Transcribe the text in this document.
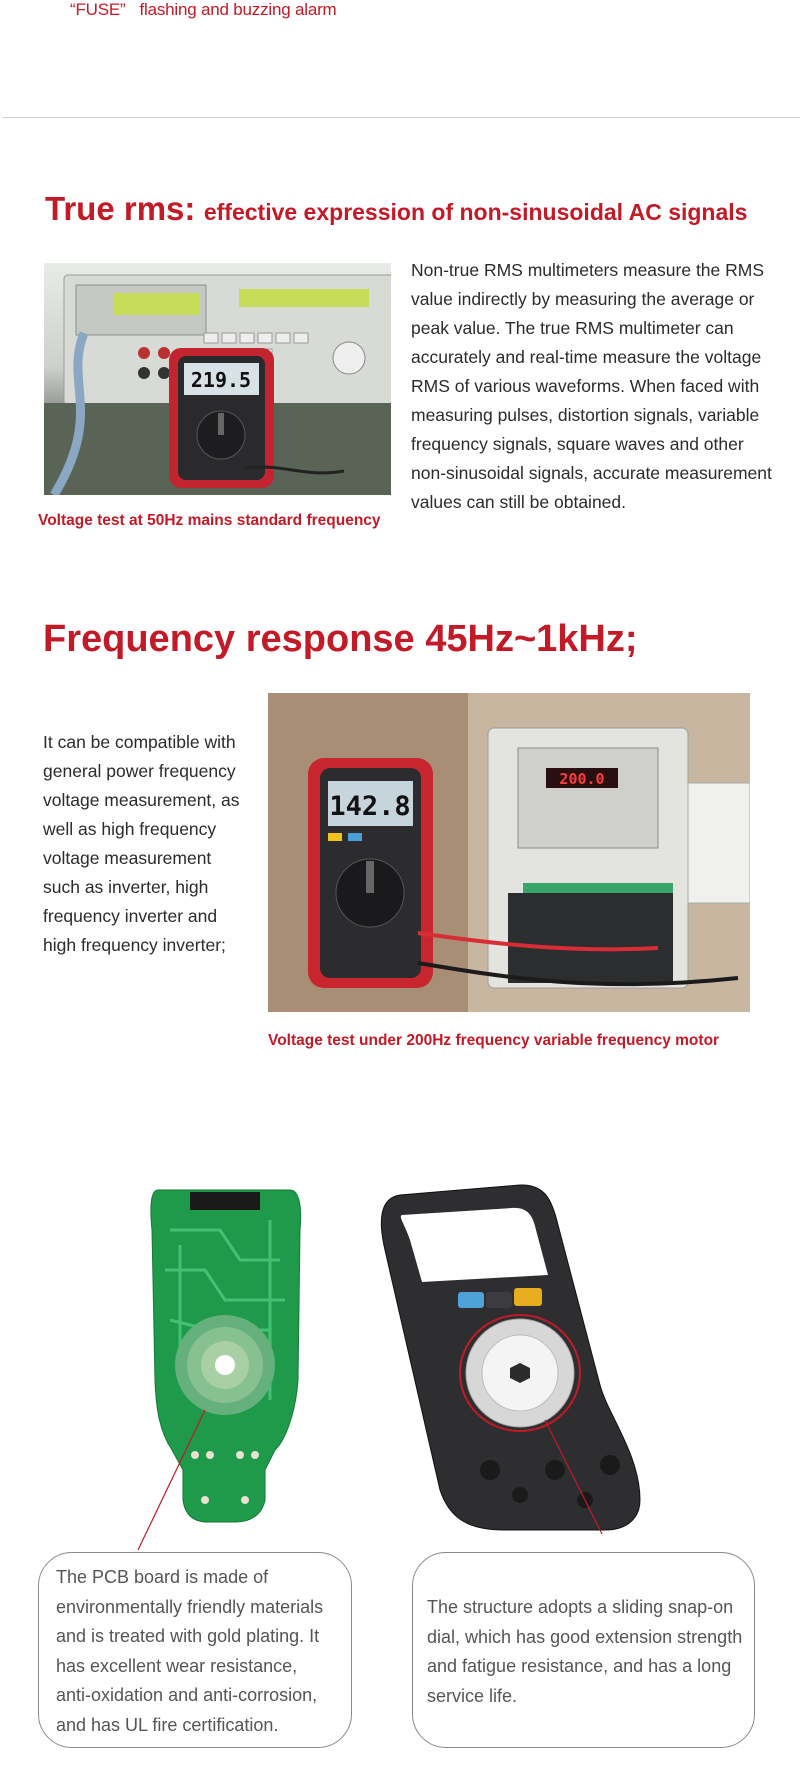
“FUSE” flashing and buzzing alarm
True rms: effective expression of non-sinusoidal AC signals
219.5
Non-true RMS multimeters measure the RMS value indirectly by measuring the average or peak value. The true RMS multimeter can accurately and real-time measure the voltage RMS of various waveforms. When faced with measuring pulses, distortion signals, variable frequency signals, square waves and other non-sinusoidal signals, accurate measurement values can still be obtained.
Voltage test at 50Hz mains standard frequency
Frequency response 45Hz~1kHz;
It can be compatible with general power frequency voltage measurement, as well as high frequency voltage measurement such as inverter, high frequency inverter and high frequency inverter;
200.0
142.8
Voltage test under 200Hz frequency variable frequency motor
The PCB board is made of environmentally friendly materials and is treated with gold plating. It has excellent wear resistance, anti-oxidation and anti-corrosion, and has UL fire certification.
The structure adopts a sliding snap-on dial, which has good extension strength and fatigue resistance, and has a long service life.
